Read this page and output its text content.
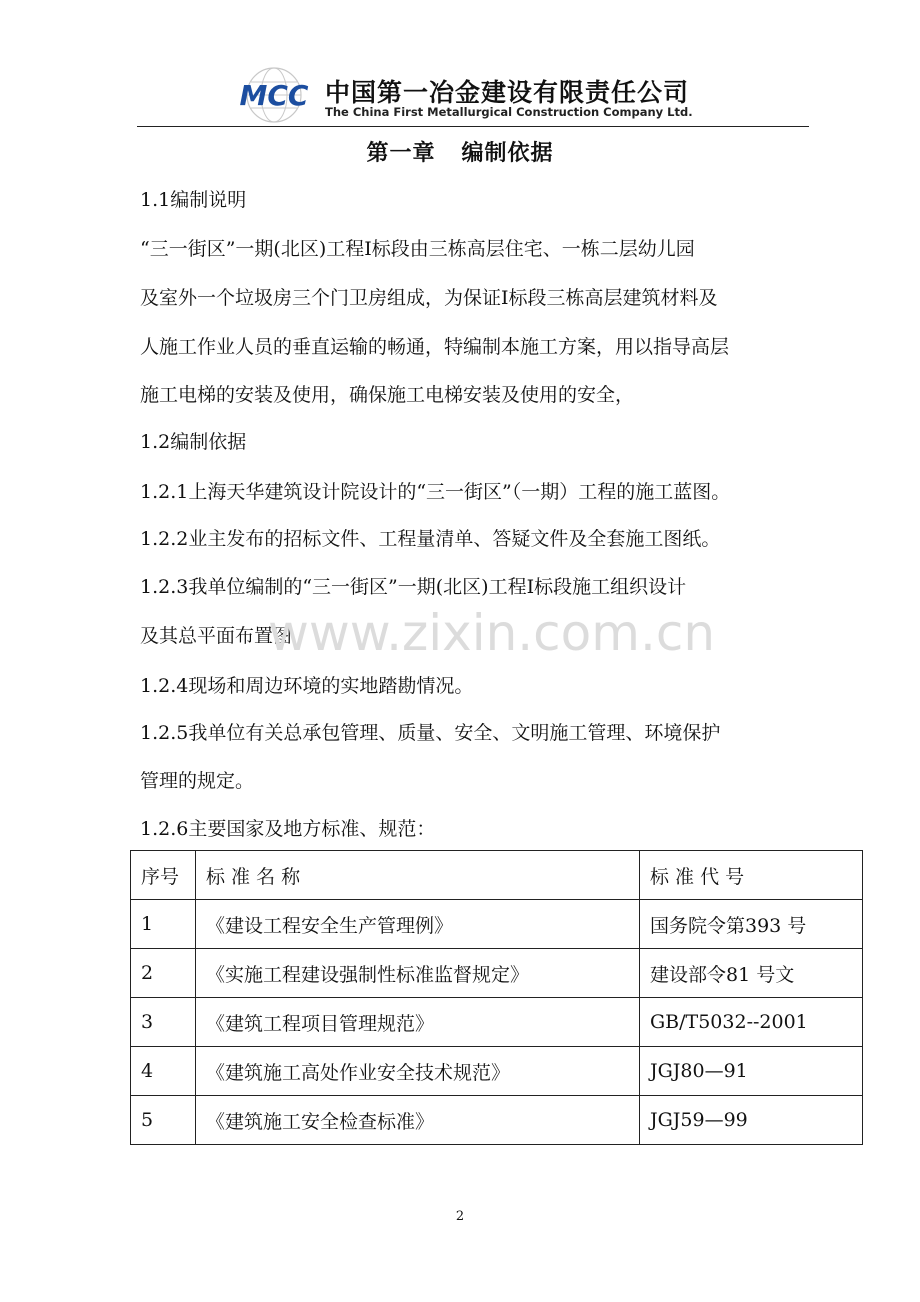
MCC 中国第一冶金建设有限责任公司
The China First Metallurgical Construction Company Ltd.
第一章   编制依据
1.1编制说明
“三一街区”一期(北区)工程Ⅰ标段由三栋高层住宅、一栋二层幼儿园
及室外一个垃圾房三个门卫房组成，为保证Ⅰ标段三栋高层建筑材料及
人施工作业人员的垂直运输的畅通，特编制本施工方案，用以指导高层
施工电梯的安装及使用，确保施工电梯安装及使用的安全，
1.2编制依据
1.2.1上海天华建筑设计院设计的“三一街区”（一期）工程的施工蓝图。
1.2.2业主发布的招标文件、工程量清单、答疑文件及全套施工图纸。
1.2.3我单位编制的“三一街区”一期(北区)工程Ⅰ标段施工组织设计
及其总平面布置图
1.2.4现场和周边环境的实地踏勘情况。
1.2.5我单位有关总承包管理、质量、安全、文明施工管理、环境保护
管理的规定。
1.2.6主要国家及地方标准、规范：
www.zixin.com.cn
序号	标 准 名 称	标 准 代 号
1	《建设工程安全生产管理例》	国务院令第393 号
2	《实施工程建设强制性标准监督规定》	建设部令81 号文
3	《建筑工程项目管理规范》	GB/T5032--2001
4	《建筑施工高处作业安全技术规范》	JGJ80—91
5	《建筑施工安全检查标准》	JGJ59—99
2
